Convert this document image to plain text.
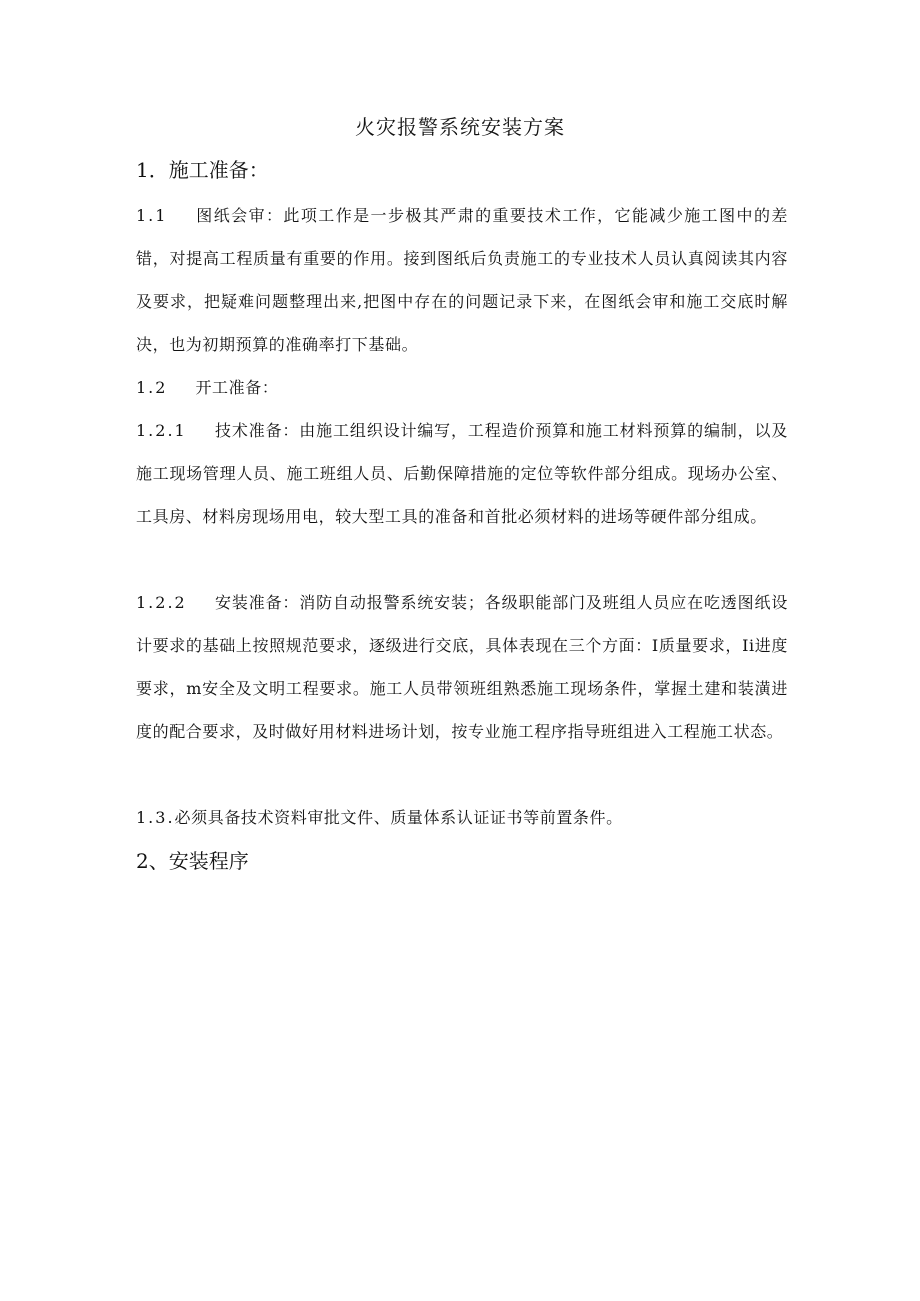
火灾报警系统安装方案
1．施工准备：

1.1 图纸会审：此项工作是一步极其严肃的重要技术工作，它能减少施工图中的差错，对提高工程质量有重要的作用。接到图纸后负责施工的专业技术人员认真阅读其内容及要求，把疑难问题整理出来,把图中存在的问题记录下来，在图纸会审和施工交底时解决，也为初期预算的准确率打下基础。

1.2 开工准备：

1.2.1 技术准备：由施工组织设计编写，工程造价预算和施工材料预算的编制，以及施工现场管理人员、施工班组人员、后勤保障措施的定位等软件部分组成。现场办公室、工具房、材料房现场用电，较大型工具的准备和首批必须材料的进场等硬件部分组成。

1.2.2 安装准备：消防自动报警系统安装；各级职能部门及班组人员应在吃透图纸设计要求的基础上按照规范要求，逐级进行交底，具体表现在三个方面：I质量要求，Ii进度要求，m安全及文明工程要求。施工人员带领班组熟悉施工现场条件，掌握土建和装潢进度的配合要求，及时做好用材料进场计划，按专业施工程序指导班组进入工程施工状态。

1.3.必须具备技术资料审批文件、质量体系认证证书等前置条件。

2、安装程序
